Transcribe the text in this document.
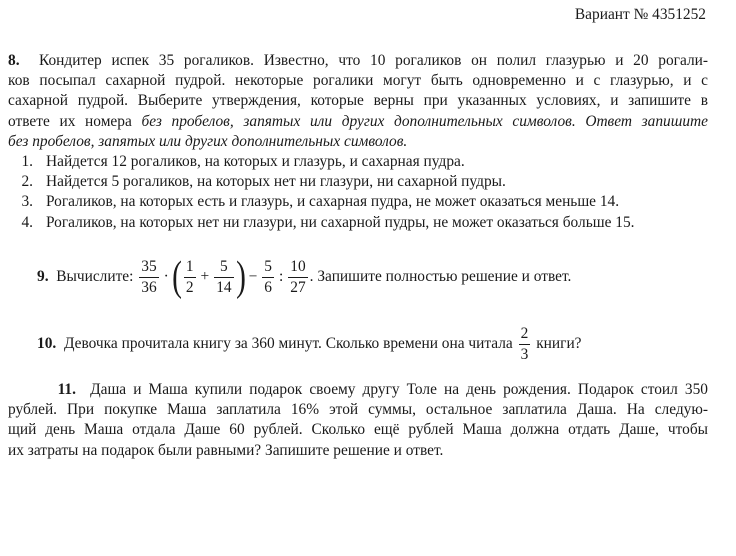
Вариант № 4351252
8. Кондитер испек 35 рогаликов. Известно, что 10 рогаликов он полил глазурью и 20 рогали-
ков посыпал сахарной пудрой. некоторые рогалики могут быть одновременно и с глазурью, и с
сахарной пудрой. Выберите утверждения, которые верны при указанных условиях, и запишите в
ответе их номера без пробелов, запятых или других дополнительных символов. Ответ запишите
без пробелов, запятых или других дополнительных символов.
1. Найдется 12 рогаликов, на которых и глазурь, и сахарная пудра.
2. Найдется 5 рогаликов, на которых нет ни глазури, ни сахарной пудры.
3. Рогаликов, на которых есть и глазурь, и сахарная пудра, не может оказаться меньше 14.
4. Рогаликов, на которых нет ни глазури, ни сахарной пудры, не может оказаться больше 15.
9.
Вычислите:
$\frac{35}{36}$ · ( $\frac{1}{2} + \frac{5}{14}$ ) − $\frac{5}{6}$ : $\frac{10}{27}$ . Запишите полностью решение и ответ.
10.
Девочка прочитала книгу за 360 минут. Сколько времени она читала
$\frac{2}{3}$
книги?
11. Даша и Маша купили подарок своему другу Толе на день рождения. Подарок стоил 350
рублей. При покупке Маша заплатила 16% этой суммы, остальное заплатила Даша. На следую-
щий день Маша отдала Даше 60 рублей. Сколько ещё рублей Маша должна отдать Даше, чтобы
их затраты на подарок были равными? Запишите решение и ответ.
